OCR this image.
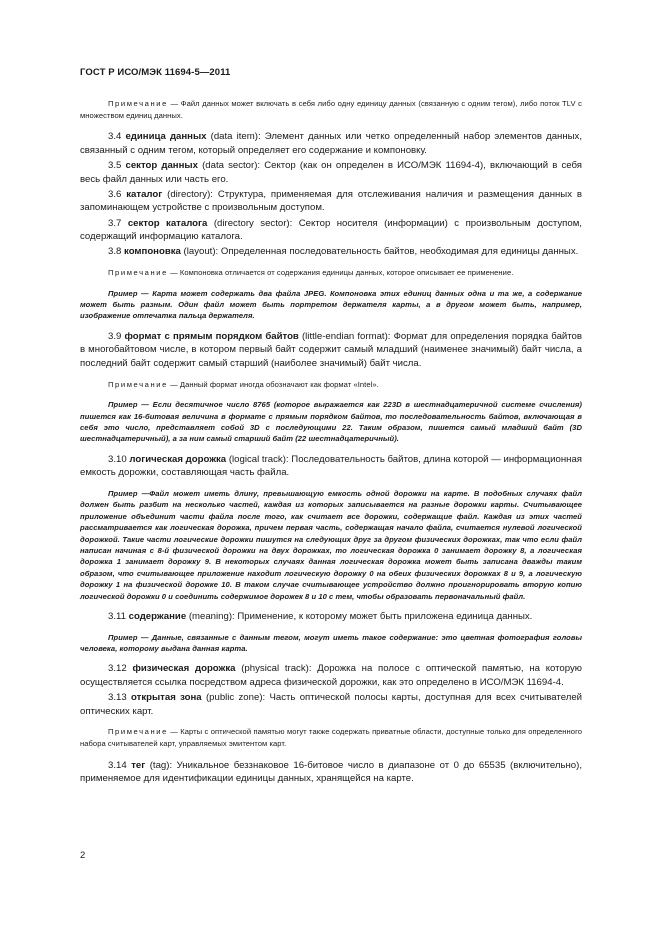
ГОСТ Р ИСО/МЭК 11694-5—2011

Примечание — Файл данных может включать в себя либо одну единицу данных (связанную с одним тегом), либо поток TLV с множеством единиц данных.

3.4 единица данных (data item): Элемент данных или четко определенный набор элементов данных, связанный с одним тегом, который определяет его содержание и компоновку.

3.5 сектор данных (data sector): Сектор (как он определен в ИСО/МЭК 11694-4), включающий в себя весь файл данных или часть его.

3.6 каталог (directory): Структура, применяемая для отслеживания наличия и размещения данных в запоминающем устройстве с произвольным доступом.

3.7 сектор каталога (directory sector): Сектор носителя (информации) с произвольным доступом, содержащий информацию каталога.

3.8 компоновка (layout): Определенная последовательность байтов, необходимая для единицы данных.

Примечание — Компоновка отличается от содержания единицы данных, которое описывает ее применение.

Пример — Карта может содержать два файла JPEG. Компоновка этих единиц данных одна и та же, а содержание может быть разным. Один файл может быть портретом держателя карты, а в другом может быть, например, изображение отпечатка пальца держателя.

3.9 формат с прямым порядком байтов (little-endian format): Формат для определения порядка байтов в многобайтовом числе, в котором первый байт содержит самый младший (наименее значимый) байт числа, а последний байт содержит самый старший (наиболее значимый) байт числа.

Примечание — Данный формат иногда обозначают как формат «Intel».

Пример — Если десятичное число 8765 (которое выражается как 223D в шестнадцатеричной системе счисления) пишется как 16-битовая величина в формате с прямым порядком байтов, то последовательность байтов, включающая в себя это число, представляет собой 3D с последующими 22. Таким образом, пишется самый младший байт (3D шестнадцатеричный), а за ним самый старший байт (22 шестнадцатеричный).

3.10 логическая дорожка (logical track): Последовательность байтов, длина которой — информационная емкость дорожки, составляющая часть файла.

Пример —Файл может иметь длину, превышающую емкость одной дорожки на карте. В подобных случаях файл должен быть разбит на несколько частей, каждая из которых записывается на разные дорожки карты. Считывающее приложение объединит части файла после того, как считает все дорожки, содержащие файл. Каждая из этих частей рассматривается как логическая дорожка, причем первая часть, содержащая начало файла, считается нулевой логической дорожкой. Такие части логические дорожки пишутся на следующих друг за другом физических дорожках, так что если файл написан начиная с 8-й физической дорожки на двух дорожках, то логическая дорожка 0 занимает дорожку 8, а логическая дорожка 1 занимает дорожку 9. В некоторых случаях данная логическая дорожка может быть записана дважды таким образом, что считывающее приложение находит логическую дорожку 0 на обеих физических дорожках 8 и 9, а логическую дорожку 1 на физической дорожке 10. В таком случае считывающее устройство должно проигнорировать вторую копию логической дорожки 0 и соединить содержимое дорожек 8 и 10 с тем, чтобы образовать первоначальный файл.

3.11 содержание (meaning): Применение, к которому может быть приложена единица данных.

Пример — Данные, связанные с данным тегом, могут иметь такое содержание: это цветная фотография головы человека, которому выдана данная карта.

3.12 физическая дорожка (physical track): Дорожка на полосе с оптической памятью, на которую осуществляется ссылка посредством адреса физической дорожки, как это определено в ИСО/МЭК 11694-4.

3.13 открытая зона (public zone): Часть оптической полосы карты, доступная для всех считывателей оптических карт.

Примечание — Карты с оптической памятью могут также содержать приватные области, доступные только для определенного набора считывателей карт, управляемых эмитентом карт.

3.14 тег (tag): Уникальное беззнаковое 16-битовое число в диапазоне от 0 до 65535 (включительно), применяемое для идентификации единицы данных, хранящейся на карте.

2
